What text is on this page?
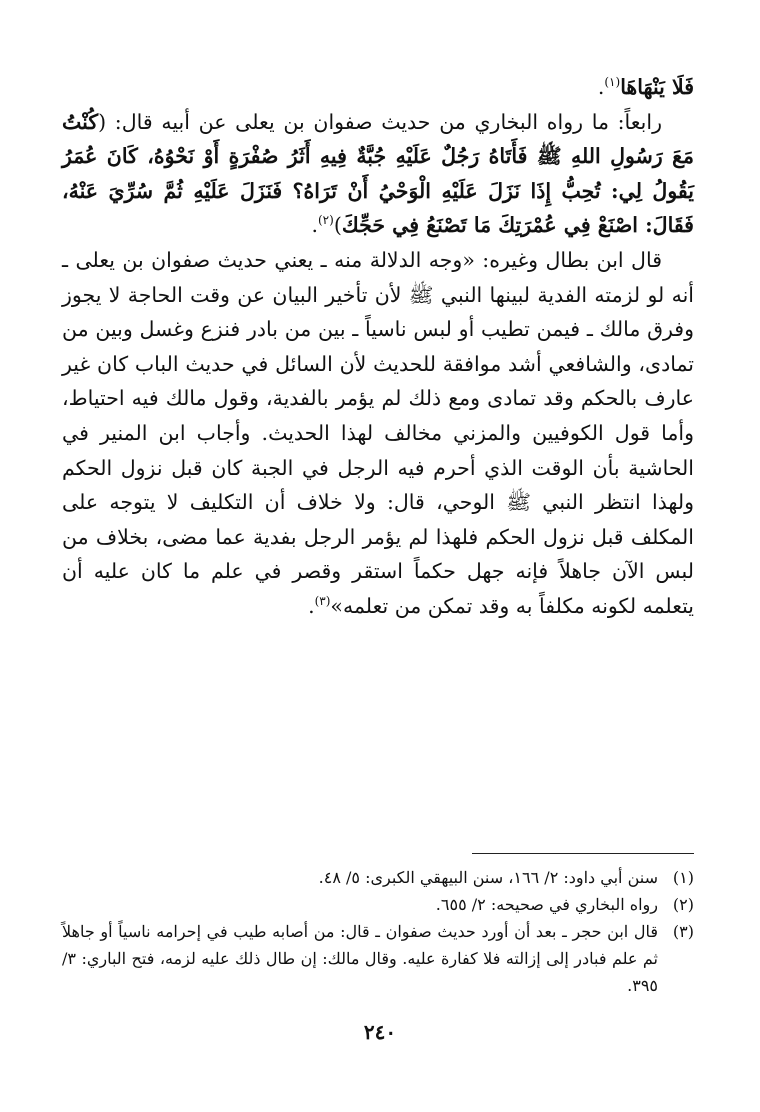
فَلَا يَنْهَاهَا$^{(١)}$.

رابعاً: ما رواه البخاري من حديث صفوان بن يعلى عن أبيه قال: (كُنْتُ مَعَ رَسُولِ اللهِ ﷺ فَأَتَاهُ رَجُلٌ عَلَيْهِ جُبَّةٌ فِيهِ أَثَرُ صُفْرَةٍ أَوْ نَحْوُهُ، كَانَ عُمَرُ يَقُولُ لِي: تُحِبُّ إِذَا نَزَلَ عَلَيْهِ الْوَحْيُ أَنْ تَرَاهُ؟ فَنَزَلَ عَلَيْهِ ثُمَّ سُرِّيَ عَنْهُ، فَقَالَ: اصْنَعْ فِي عُمْرَتِكَ مَا تَصْنَعُ فِي حَجِّكَ)$^{(٢)}$.

قال ابن بطال وغيره: «وجه الدلالة منه ـ يعني حديث صفوان بن يعلى ـ أنه لو لزمته الفدية لبينها النبي ﷺ لأن تأخير البيان عن وقت الحاجة لا يجوز وفرق مالك ـ فيمن تطيب أو لبس ناسياً ـ بين من بادر فنزع وغسل وبين من تمادى، والشافعي أشد موافقة للحديث لأن السائل في حديث الباب كان غير عارف بالحكم وقد تمادى ومع ذلك لم يؤمر بالفدية، وقول مالك فيه احتياط، وأما قول الكوفيين والمزني مخالف لهذا الحديث. وأجاب ابن المنير في الحاشية بأن الوقت الذي أحرم فيه الرجل في الجبة كان قبل نزول الحكم ولهذا انتظر النبي ﷺ الوحي، قال: ولا خلاف أن التكليف لا يتوجه على المكلف قبل نزول الحكم فلهذا لم يؤمر الرجل بفدية عما مضى، بخلاف من لبس الآن جاهلاً فإنه جهل حكماً استقر وقصر في علم ما كان عليه أن يتعلمه لكونه مكلفاً به وقد تمكن من تعلمه»$^{(٣)}$.

(١)
سنن أبي داود: ٢/ ١٦٦، سنن البيهقي الكبرى: ٥/ ٤٨.
(٢)
رواه البخاري في صحيحه: ٢/ ٦٥٥.
(٣)
قال ابن حجر ـ بعد أن أورد حديث صفوان ـ قال: من أصابه طيب في إحرامه ناسياً أو جاهلاً ثم علم فبادر إلى إزالته فلا كفارة عليه. وقال مالك: إن طال ذلك عليه لزمه، فتح الباري: ٣/ ٣٩٥.
٢٤٠
